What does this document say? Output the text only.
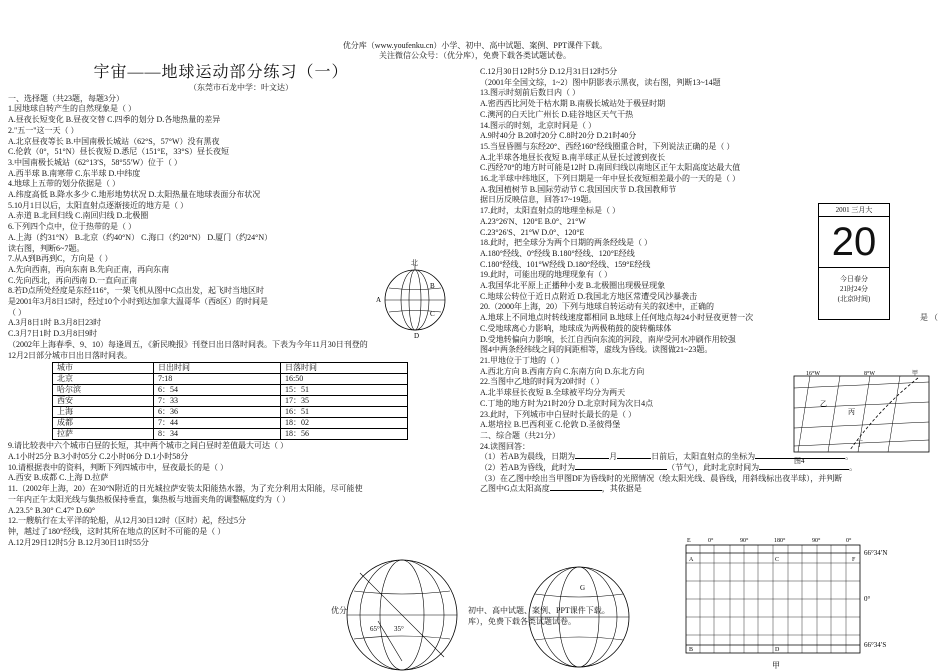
优分库（www.youfenku.cn）小学、初中、高中试题、案例、PPT课件下载。
关注微信公众号：（优分库），免费下载各类试题试卷。

宇宙——地球运动部分练习（一）

（东莞市石龙中学：叶文达）

一、选择题（共23题，每题3分）

1.因地球自转产生的自然现象是（ ）

A.昼夜长短变化 B.昼夜交替 C.四季的划分 D.各地热量的差异

2."五一"这一天（ ）

A.北京昼夜等长 B.中国南极长城站（62°S，57°W）没有黑夜

C.伦敦（0°，51°N）昼长夜短 D.悉尼（151°E，33°S）昼长夜短

3.中国南极长城站（62°13′S，58°55′W）位于（ ）

A.西半球 B.南寒带 C.东半球 D.中纬度

4.地球上五带的划分依据是（ ）

A.纬度高低 B.降水多少 C.地形地势状况 D.太阳热量在地球表面分布状况

5.10月1日以后，太阳直射点逐渐接近的地方是（ ）

A.赤道 B.北回归线 C.南回归线 D.北极圈

6.下列四个点中，位于热带的是（ ）

A.上海（约31°N） B.北京（约40°N） C.海口（约20°N） D.厦门（约24°N）

读右图，判断6~7题。

7.从A到B再到C，方向是（ ）

A.先向西南，再向东南 B.先向正南，再向东南

C.先向西北，再向西南 D.一直向正南

8.若D点所处经度是东经116°，一架飞机从图中C点出发，起飞时当地区时

是2001年3月8日15时，经过10个小时到达加拿大温哥华（西8区）的时间是

（ ）

A.3月8日1时 B.3月8日23时

C.3月7日1时 D.3月8日9时

（2002年上海春季、9、10）每逢周五，《新民晚报》刊登日出日落时间表。下表为今年11月30日刊登的

12月2日部分城市日出日落时间表。

城市	日出时间	日落时间
北京	7:18	16:50
哈尔滨	6：54	15：51
西安	7：33	17：35
上海	6：36	16：51
成都	7：44	18：02
拉萨	8：34	18：56

9.请比较表中六个城市白昼的长短，其中两个城市之间白昼时差值最大可达（ ）

A.1小时25分 B.3小时05分 C.2小时06分 D.1小时58分

10.请根据表中的资料，判断下列四城市中，昼夜最长的是（ ）

A.西安 B.成都 C.上海 D.拉萨

11.（2002年上海，20）在30°N附近的日光城拉萨安装太阳能热水器，为了充分利用太阳能，尽可能使

一年内正午太阳光线与集热板保持垂直，集热板与地面夹角的调整幅度约为（ ）

A.23.5° B.30° C.47° D.60°

12.一艘航行在太平洋的轮船，从12月30日12时（区时）起，经过5分

钟，越过了180°经线，这时其所在地点的区时不可能的是（ ）

A.12月29日12时5分 B.12月30日11时55分

北
A
B
C
D
65° 35°
G

C.12月30日12时5分 D.12月31日12时5分

（2001年全国文综，1~2）图中阴影表示黑夜，读右图，判断13~14题

13.图示时刻前后数日内（ ）

A.密西西比河处于枯水期 B.南极长城站处于极昼时期

C.澳河的白天比广州长 D.硅谷地区天气干热

14.图示的时刻，北京时间是（ ）

A.9时40分 B.20时20分 C.8时20分 D.21时40分

15.当昼昏圈与东经20°、西经160°经线圈重合时，下列说法正确的是（ ）

A.北半球各地昼长夜短 B.南半球正从昼长过渡到夜长

C.西经70°的地方时可能是12时 D.南回归线以南地区正午太阳高度达最大值

16.北半球中纬地区，下列日期是一年中昼长夜短相差最小的一天的是（ ）

A.我国植树节 B.国际劳动节 C.我国国庆节 D.我国教师节

据日历反映信息，回答17~19题。

17.此时，太阳直射点的地理坐标是（ ）

A.23°26′N、120°E B.0°、21°W

C.23°26′S、21°W D.0°、120°E

18.此时，把全球分为两个日期的两条经线是（ ）

A.180°经线、0°经线 B.180°经线、120°E经线

C.180°经线、101°W经线 D.180°经线、159°E经线

19.此时，可能出现的地理现象有（ ）

A.我国华北平原上正播种小麦 B.北极圈出现极昼现象

C.地球公转位于近日点附近 D.我国北方地区常遭受风沙暴袭击

20.（2000年上海，20）下列与地球自转运动有关的叙述中，正确的

A.地球上不同地点时转线速度都相同 B.地球上任何地点每24小时昼夜更替一次

C.受地球离心力影响，地球成为两极稍鼓的旋转椭球体

D.受地转偏向力影响，长江自西向东流的河段，南岸受河水冲刷作用较强

图4中两条经纬线之间的间距相等，虚线为昏线。读图做21~23题。

21.甲地位于丁地的（ ）

A.西北方向 B.西南方向 C.东南方向 D.东北方向

22.当图中乙地的时间为20时时（ ）

A.北半球昼长夜短 B.全球被平均分为两天

C.丁地的地方时为21时20分 D.北京时间为次日4点

23.此时，下列城市中白昼时长最长的是（ ）

A.堪培拉 B.巴西利亚 C.伦敦 D.圣彼得堡

二、综合题（共21分）

24.读图回答：

（1）若AB为晨线，日期为	月	日前后，太阳直射点的坐标为	。

（2）若AB为昏线，此时为	（节气），此时北京时间为	。

（3）在乙图中绘出当甲图DF为昏线时的光照情况（绘太阳光线、晨昏线，用斜线标出夜半球），并判断

乙图中G点太阳高度	，其依据是

是 （
2001 三月大
20
今日春分
21时24分
(北京时间)
16°W	8°W	甲
乙
丙
丁
图4
E	0°	90°	180°	90°	0°
66°34′N
0°
66°34′S
A
B
C
D
F
甲
优分	初中、高中试题、案例、PPT课件下载。
库），免费下载各类试题试卷。
